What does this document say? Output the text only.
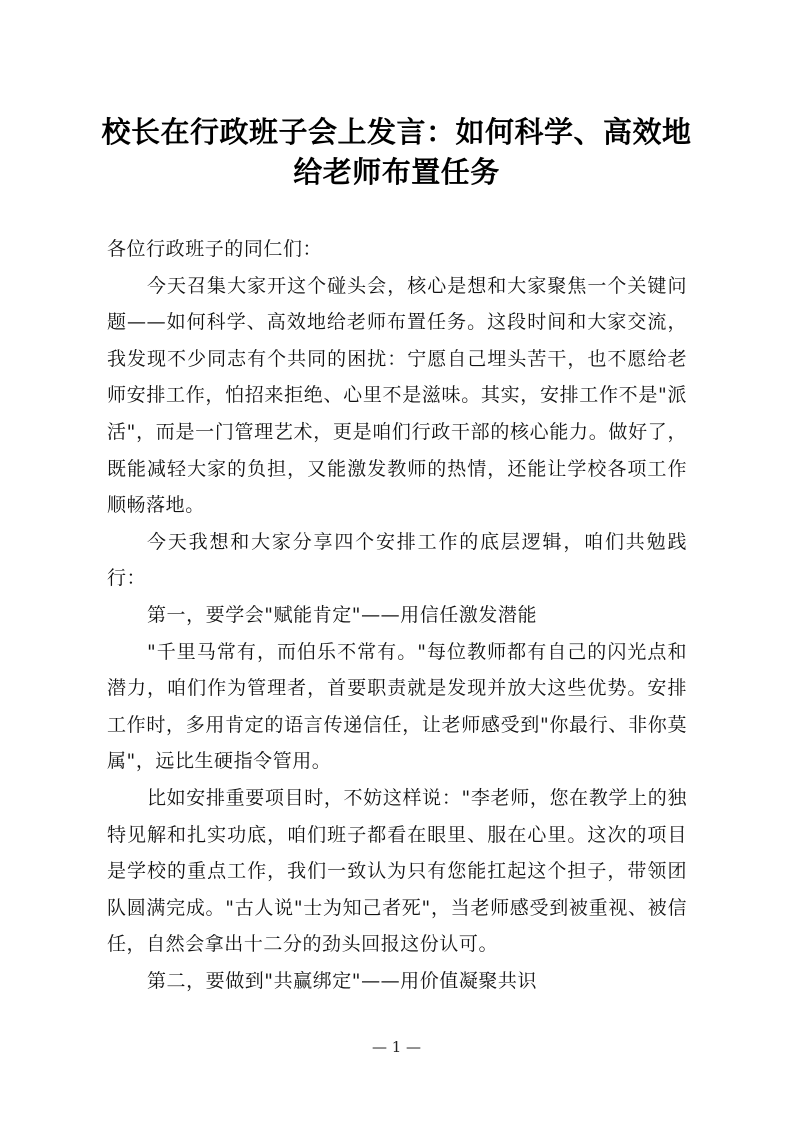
校长在行政班子会上发言：如何科学、高效地给老师布置任务

各位行政班子的同仁们：

今天召集大家开这个碰头会，核心是想和大家聚焦一个关键问题——如何科学、高效地给老师布置任务。这段时间和大家交流，我发现不少同志有个共同的困扰：宁愿自己埋头苦干，也不愿给老师安排工作，怕招来拒绝、心里不是滋味。其实，安排工作不是"派活"，而是一门管理艺术，更是咱们行政干部的核心能力。做好了，既能减轻大家的负担，又能激发教师的热情，还能让学校各项工作顺畅落地。

今天我想和大家分享四个安排工作的底层逻辑，咱们共勉践行：

第一，要学会"赋能肯定"——用信任激发潜能

"千里马常有，而伯乐不常有。"每位教师都有自己的闪光点和潜力，咱们作为管理者，首要职责就是发现并放大这些优势。安排工作时，多用肯定的语言传递信任，让老师感受到"你最行、非你莫属"，远比生硬指令管用。

比如安排重要项目时，不妨这样说："李老师，您在教学上的独特见解和扎实功底，咱们班子都看在眼里、服在心里。这次的项目是学校的重点工作，我们一致认为只有您能扛起这个担子，带领团队圆满完成。"古人说"士为知己者死"，当老师感受到被重视、被信任，自然会拿出十二分的劲头回报这份认可。

第二，要做到"共赢绑定"——用价值凝聚共识

— 1 —
